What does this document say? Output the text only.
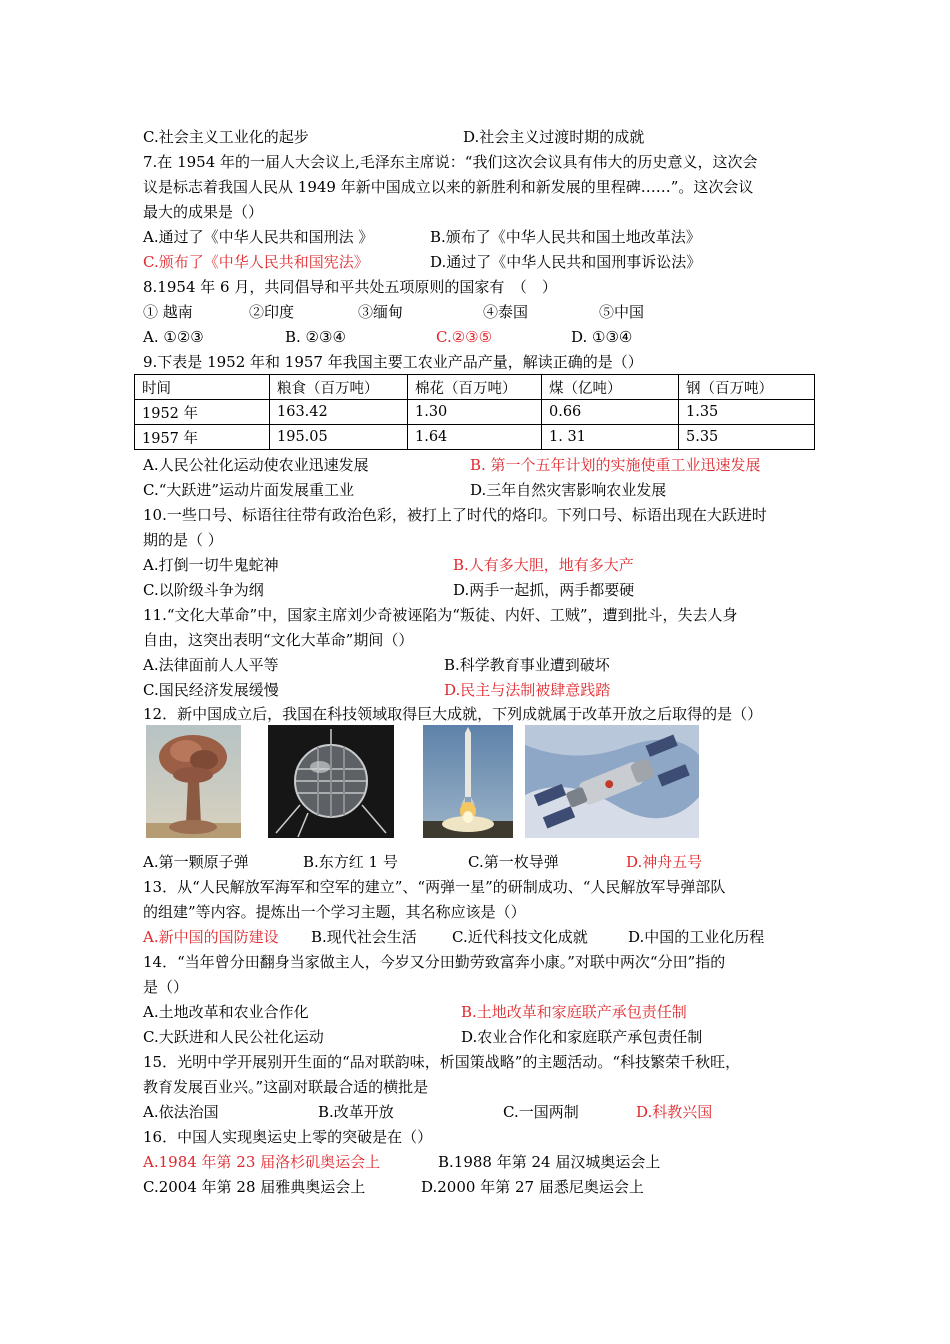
C.社会主义工业化的起步	D.社会主义过渡时期的成就
7.在 1954 年的一届人大会议上,毛泽东主席说：“我们这次会议具有伟大的历史意义，这次会
议是标志着我国人民从 1949 年新中国成立以来的新胜利和新发展的里程碑……”。这次会议
最大的成果是（）
A.通过了《中华人民共和国刑法 》	B.颁布了《中华人民共和国土地改革法》
C.颁布了《中华人民共和国宪法》	D.通过了《中华人民共和国刑事诉讼法》
8.1954 年 6 月，共同倡导和平共处五项原则的国家有　（　）
① 越南	②印度	③缅甸	④泰国	⑤中国
A. ①②③	B. ②③④	C.②③⑤	D. ①③④
9.下表是 1952 年和 1957 年我国主要工农业产品产量，解读正确的是（）
时间	粮食（百万吨）	棉花（百万吨）	煤（亿吨）	钢（百万吨）
1952 年	163.42	1.30	0.66	1.35
1957 年	195.05	1.64	1. 31	5.35
A.人民公社化运动使农业迅速发展	B. 第一个五年计划的实施使重工业迅速发展
C.“大跃进”运动片面发展重工业	D.三年自然灾害影响农业发展
10.一些口号、标语往往带有政治色彩，被打上了时代的烙印。下列口号、标语出现在大跃进时
期的是（ ）
A.打倒一切牛鬼蛇神	B.人有多大胆，地有多大产
C.以阶级斗争为纲	D.两手一起抓，两手都要硬
11.“文化大革命”中，国家主席刘少奇被诬陷为“叛徒、内奸、工贼”，遭到批斗，失去人身
自由，这突出表明“文化大革命”期间（）
A.法律面前人人平等	B.科学教育事业遭到破坏
C.国民经济发展缓慢	D.民主与法制被肆意践踏
12．新中国成立后，我国在科技领域取得巨大成就，下列成就属于改革开放之后取得的是（）
A.第一颗原子弹	B.东方红 1 号	C.第一枚导弹	D.神舟五号
13．从“人民解放军海军和空军的建立”、“两弹一星”的研制成功、“人民解放军导弹部队
的组建”等内容。提炼出一个学习主题，其名称应该是（）
A.新中国的国防建设 B.现代社会生活 C.近代科技文化成就	D.中国的工业化历程
14．“当年曾分田翻身当家做主人，今岁又分田勤劳致富奔小康。”对联中两次“分田”指的
是（）
A.土地改革和农业合作化	B.土地改革和家庭联产承包责任制
C.大跃进和人民公社化运动	D.农业合作化和家庭联产承包责任制
15．光明中学开展别开生面的“品对联韵味，析国策战略”的主题活动。“科技繁荣千秋旺，
教育发展百业兴。”这副对联最合适的横批是
A.依法治国	B.改革开放	C.一国两制	D.科教兴国
16．中国人实现奥运史上零的突破是在（）
A.1984 年第 23 届洛杉矶奥运会上	B.1988 年第 24 届汉城奥运会上
C.2004 年第 28 届雅典奥运会上	D.2000 年第 27 届悉尼奥运会上
